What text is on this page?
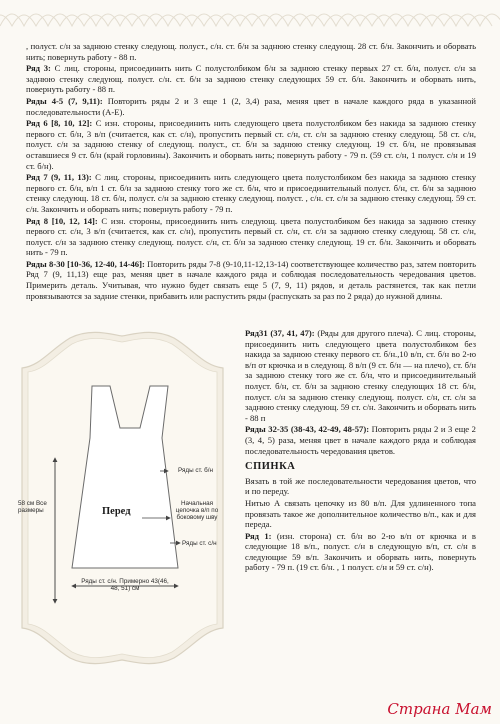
, полуст. с/н за заднюю стенку следующ. полуст., с/н. ст. б/н за заднюю стенку следующ. 28 ст. б/н. Закончить и оборвать нить; повернуть работу - 88 п.

Ряд 3: С лиц. стороны, присоединить нить С полустолбиком б/н за заднюю стенку первых 27 ст. б/н, полуст. с/н за заднюю стенку следующ. полуст. с/н. ст. б/н за заднюю стенку следующих 59 ст. б/н. Закончить и оборвать нить, повернуть работу - 88 п.

Ряды 4-5 (7, 9,11): Повторить ряды 2 и 3 еще 1 (2, 3,4) раза, меняя цвет в начале каждого ряда в указанной последовательности (А-Е).

Ряд 6 [8, 10, 12]: С изн. стороны, присоединить нить следующего цвета полустолбиком без накида за заднюю стенку первого ст. б/н, 3 в/п (считается, как ст. с/н), пропустить первый ст. с/н, ст. с/н за заднюю стенку следующ. 58 ст. с/н, полуст. с/н за заднюю стенку оf следующ. полуст., ст. б/н за заднюю стенку следующ. 19 ст. б/н, не провязывая оставшиеся 9 ст. б/н (край горловины). Закончить и оборвать нить; повернуть работу - 79 п. (59 ст. с/н, 1 полуст. с/н и 19 ст. б/н).

Ряд 7 (9, 11, 13): С лиц. стороны, присоединить нить следующего цвета полустолбиком без накида за заднюю стенку первого ст. б/н, в/п 1 ст. б/н за заднюю стенку того же ст. б/н, что и присоединительный полуст. б/н, ст. б/н за заднюю стенку следующ. 18 ст. б/н, полуст. с/н за заднюю стенку следующ. полуст. , с/н. ст. с/н за заднюю стенку следующ. 59 ст. с/н. Закончить и оборвать нить; повернуть работу - 79 п.

Ряд 8 [10, 12, 14]: С изн. стороны, присоединить нить следующ. цвета полустолбиком без накида за заднюю стенку первого ст. с/н, 3 в/п (считается, как ст. с/н), пропустить первый ст. с/н, ст. с/н за заднюю стенку следующ. 58 ст. с/н, полуст. с/н за заднюю стенку следующ. полуст. с/н, ст. б/н за заднюю стенку следующ. 19 ст. б/н. Закончить и оборвать нить - 79 п.

Ряды 8-30 [10-36, 12-40, 14-46]: Повторить ряды 7-8 (9-10,11-12,13-14) соответствующее количество раз, затем повторить Ряд 7 (9, 11,13) еще раз, меняя цвет в начале каждого ряда и соблюдая последовательность чередования цветов. Примерить деталь. Учитывая, что нужно будет связать еще 5 (7, 9, 11) рядов, и деталь растянется, так как петли провязываются за задние стенки, прибавить или распустить ряды (распускать за раз по 2 ряда) до нужной длины.

Перед
Ряды ст. б/н
Начальная цепочка в/п по боковому шву
Ряды ст. с/н
58 см Все размеры
Ряды ст. с/н. Примерно 43(46, 48, 51) см

Ряд31 (37, 41, 47): (Ряды для другого плеча). С лиц. стороны, присоединить нить следующего цвета полустолбиком без накида за заднюю стенку первого ст. б/н.,10 в/п, ст. б/н во 2-ю в/п от крючка и в следующ. 8 в/п (9 ст. б/н — на плечо), ст. б/н за заднюю стенку того же ст. б/н, что и присоединительный полуст. б/н, ст. б/н за заднюю стенку следующих 18 ст. б/н, полуст. с/н за заднюю стенку следующ. полуст. с/н, ст. с/н за заднюю стенку следующ. 59 ст. с/н. Закончить и оборвать нить - 88 п

Ряды 32-35 (38-43, 42-49, 48-57): Повторить ряды 2 и 3 еще 2 (3, 4, 5) раза, меняя цвет в начале каждого ряда и соблюдая последовательность чередования цветов.

СПИНКА

Вязать в той же последовательности чередования цветов, что и по переду.

Нитью А связать цепочку из 80 в/п. Для удлиненного топа провязать такое же дополнительное количество в/п., как и для переда.

Ряд 1: (изн. сторона) ст. б/н во 2-ю в/п от крючка и в следующие 18 в/п., полуст. с/н в следующую в/п, ст. с/н в следующие 59 в/п. Закончить и оборвать нить, повернуть работу - 79 п. (19 ст. б/н. , 1 полуст. с/н и 59 ст. с/н).

Страна Мам
